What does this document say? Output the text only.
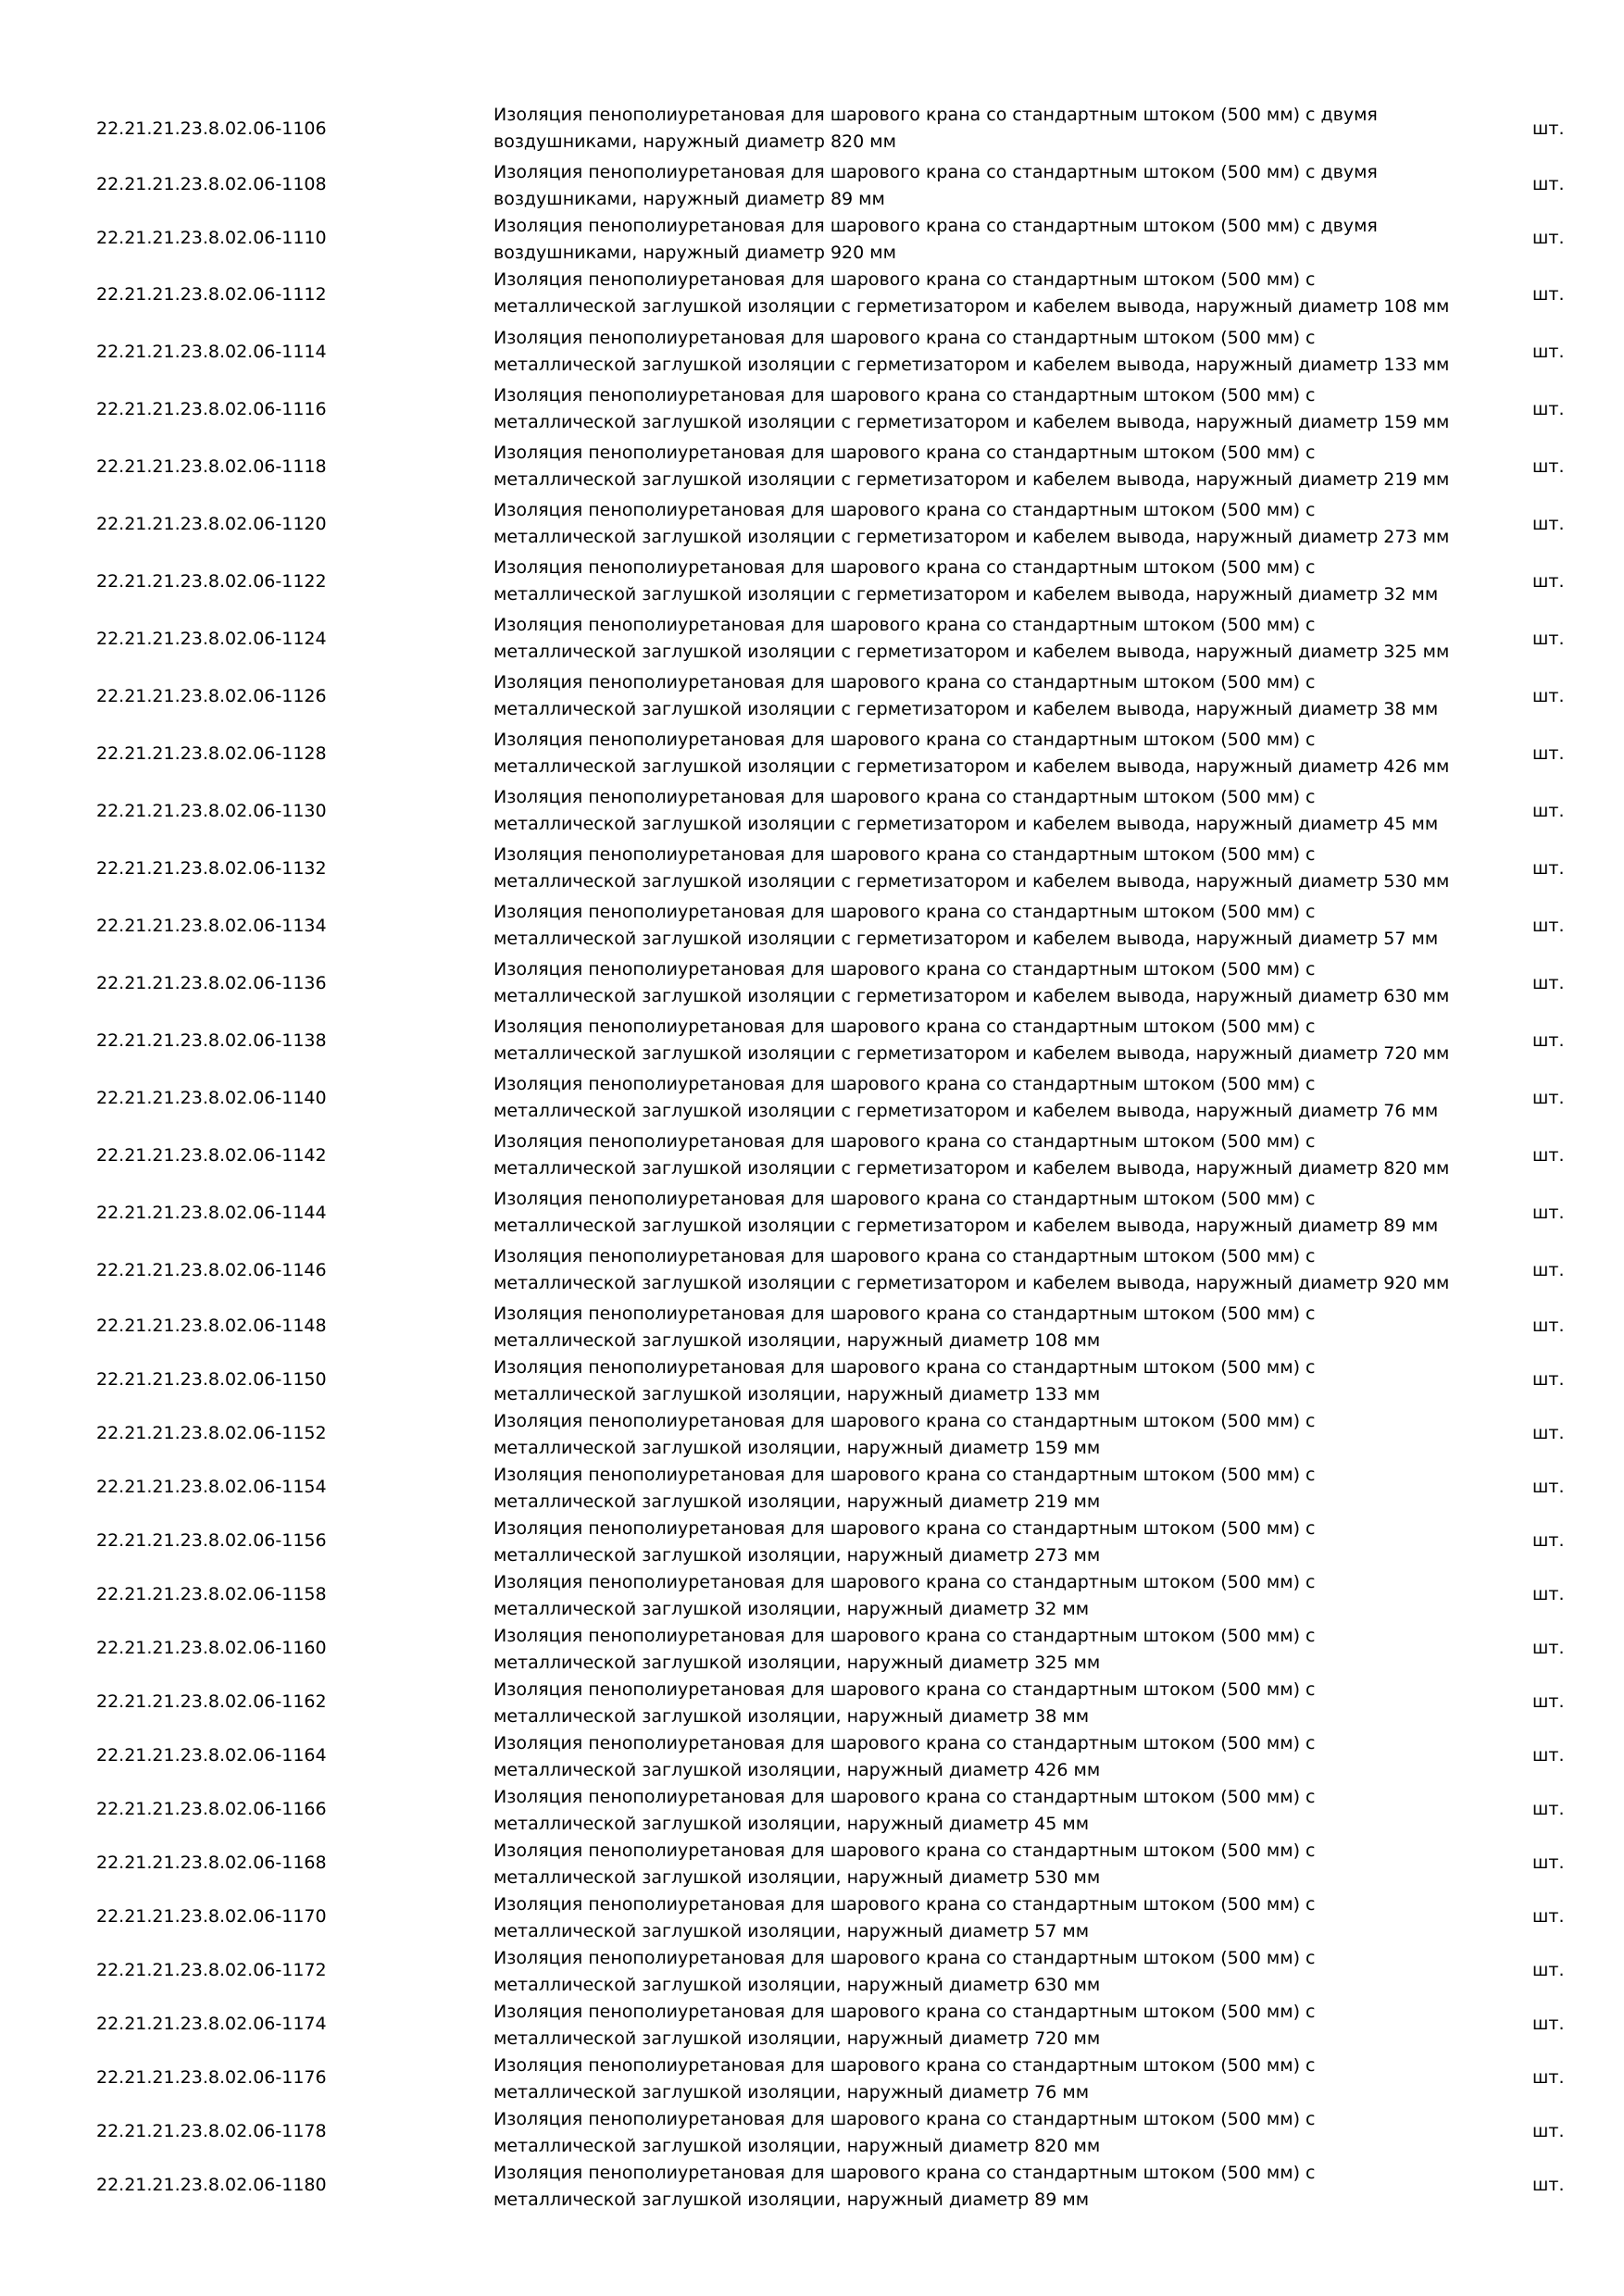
22.21.21.23.8.02.06-1106
Изоляция пенополиуретановая для шарового крана со стандартным штоком (500 мм) с двумя
воздушниками, наружный диаметр 820 мм
шт.
22.21.21.23.8.02.06-1108
Изоляция пенополиуретановая для шарового крана со стандартным штоком (500 мм) с двумя
воздушниками, наружный диаметр 89 мм
шт.
22.21.21.23.8.02.06-1110
Изоляция пенополиуретановая для шарового крана со стандартным штоком (500 мм) с двумя
воздушниками, наружный диаметр 920 мм
шт.
22.21.21.23.8.02.06-1112
Изоляция пенополиуретановая для шарового крана со стандартным штоком (500 мм) с
металлической заглушкой изоляции с герметизатором и кабелем вывода, наружный диаметр 108 мм
шт.
22.21.21.23.8.02.06-1114
Изоляция пенополиуретановая для шарового крана со стандартным штоком (500 мм) с
металлической заглушкой изоляции с герметизатором и кабелем вывода, наружный диаметр 133 мм
шт.
22.21.21.23.8.02.06-1116
Изоляция пенополиуретановая для шарового крана со стандартным штоком (500 мм) с
металлической заглушкой изоляции с герметизатором и кабелем вывода, наружный диаметр 159 мм
шт.
22.21.21.23.8.02.06-1118
Изоляция пенополиуретановая для шарового крана со стандартным штоком (500 мм) с
металлической заглушкой изоляции с герметизатором и кабелем вывода, наружный диаметр 219 мм
шт.
22.21.21.23.8.02.06-1120
Изоляция пенополиуретановая для шарового крана со стандартным штоком (500 мм) с
металлической заглушкой изоляции с герметизатором и кабелем вывода, наружный диаметр 273 мм
шт.
22.21.21.23.8.02.06-1122
Изоляция пенополиуретановая для шарового крана со стандартным штоком (500 мм) с
металлической заглушкой изоляции с герметизатором и кабелем вывода, наружный диаметр 32 мм
шт.
22.21.21.23.8.02.06-1124
Изоляция пенополиуретановая для шарового крана со стандартным штоком (500 мм) с
металлической заглушкой изоляции с герметизатором и кабелем вывода, наружный диаметр 325 мм
шт.
22.21.21.23.8.02.06-1126
Изоляция пенополиуретановая для шарового крана со стандартным штоком (500 мм) с
металлической заглушкой изоляции с герметизатором и кабелем вывода, наружный диаметр 38 мм
шт.
22.21.21.23.8.02.06-1128
Изоляция пенополиуретановая для шарового крана со стандартным штоком (500 мм) с
металлической заглушкой изоляции с герметизатором и кабелем вывода, наружный диаметр 426 мм
шт.
22.21.21.23.8.02.06-1130
Изоляция пенополиуретановая для шарового крана со стандартным штоком (500 мм) с
металлической заглушкой изоляции с герметизатором и кабелем вывода, наружный диаметр 45 мм
шт.
22.21.21.23.8.02.06-1132
Изоляция пенополиуретановая для шарового крана со стандартным штоком (500 мм) с
металлической заглушкой изоляции с герметизатором и кабелем вывода, наружный диаметр 530 мм
шт.
22.21.21.23.8.02.06-1134
Изоляция пенополиуретановая для шарового крана со стандартным штоком (500 мм) с
металлической заглушкой изоляции с герметизатором и кабелем вывода, наружный диаметр 57 мм
шт.
22.21.21.23.8.02.06-1136
Изоляция пенополиуретановая для шарового крана со стандартным штоком (500 мм) с
металлической заглушкой изоляции с герметизатором и кабелем вывода, наружный диаметр 630 мм
шт.
22.21.21.23.8.02.06-1138
Изоляция пенополиуретановая для шарового крана со стандартным штоком (500 мм) с
металлической заглушкой изоляции с герметизатором и кабелем вывода, наружный диаметр 720 мм
шт.
22.21.21.23.8.02.06-1140
Изоляция пенополиуретановая для шарового крана со стандартным штоком (500 мм) с
металлической заглушкой изоляции с герметизатором и кабелем вывода, наружный диаметр 76 мм
шт.
22.21.21.23.8.02.06-1142
Изоляция пенополиуретановая для шарового крана со стандартным штоком (500 мм) с
металлической заглушкой изоляции с герметизатором и кабелем вывода, наружный диаметр 820 мм
шт.
22.21.21.23.8.02.06-1144
Изоляция пенополиуретановая для шарового крана со стандартным штоком (500 мм) с
металлической заглушкой изоляции с герметизатором и кабелем вывода, наружный диаметр 89 мм
шт.
22.21.21.23.8.02.06-1146
Изоляция пенополиуретановая для шарового крана со стандартным штоком (500 мм) с
металлической заглушкой изоляции с герметизатором и кабелем вывода, наружный диаметр 920 мм
шт.
22.21.21.23.8.02.06-1148
Изоляция пенополиуретановая для шарового крана со стандартным штоком (500 мм) с
металлической заглушкой изоляции, наружный диаметр 108 мм
шт.
22.21.21.23.8.02.06-1150
Изоляция пенополиуретановая для шарового крана со стандартным штоком (500 мм) с
металлической заглушкой изоляции, наружный диаметр 133 мм
шт.
22.21.21.23.8.02.06-1152
Изоляция пенополиуретановая для шарового крана со стандартным штоком (500 мм) с
металлической заглушкой изоляции, наружный диаметр 159 мм
шт.
22.21.21.23.8.02.06-1154
Изоляция пенополиуретановая для шарового крана со стандартным штоком (500 мм) с
металлической заглушкой изоляции, наружный диаметр 219 мм
шт.
22.21.21.23.8.02.06-1156
Изоляция пенополиуретановая для шарового крана со стандартным штоком (500 мм) с
металлической заглушкой изоляции, наружный диаметр 273 мм
шт.
22.21.21.23.8.02.06-1158
Изоляция пенополиуретановая для шарового крана со стандартным штоком (500 мм) с
металлической заглушкой изоляции, наружный диаметр 32 мм
шт.
22.21.21.23.8.02.06-1160
Изоляция пенополиуретановая для шарового крана со стандартным штоком (500 мм) с
металлической заглушкой изоляции, наружный диаметр 325 мм
шт.
22.21.21.23.8.02.06-1162
Изоляция пенополиуретановая для шарового крана со стандартным штоком (500 мм) с
металлической заглушкой изоляции, наружный диаметр 38 мм
шт.
22.21.21.23.8.02.06-1164
Изоляция пенополиуретановая для шарового крана со стандартным штоком (500 мм) с
металлической заглушкой изоляции, наружный диаметр 426 мм
шт.
22.21.21.23.8.02.06-1166
Изоляция пенополиуретановая для шарового крана со стандартным штоком (500 мм) с
металлической заглушкой изоляции, наружный диаметр 45 мм
шт.
22.21.21.23.8.02.06-1168
Изоляция пенополиуретановая для шарового крана со стандартным штоком (500 мм) с
металлической заглушкой изоляции, наружный диаметр 530 мм
шт.
22.21.21.23.8.02.06-1170
Изоляция пенополиуретановая для шарового крана со стандартным штоком (500 мм) с
металлической заглушкой изоляции, наружный диаметр 57 мм
шт.
22.21.21.23.8.02.06-1172
Изоляция пенополиуретановая для шарового крана со стандартным штоком (500 мм) с
металлической заглушкой изоляции, наружный диаметр 630 мм
шт.
22.21.21.23.8.02.06-1174
Изоляция пенополиуретановая для шарового крана со стандартным штоком (500 мм) с
металлической заглушкой изоляции, наружный диаметр 720 мм
шт.
22.21.21.23.8.02.06-1176
Изоляция пенополиуретановая для шарового крана со стандартным штоком (500 мм) с
металлической заглушкой изоляции, наружный диаметр 76 мм
шт.
22.21.21.23.8.02.06-1178
Изоляция пенополиуретановая для шарового крана со стандартным штоком (500 мм) с
металлической заглушкой изоляции, наружный диаметр 820 мм
шт.
22.21.21.23.8.02.06-1180
Изоляция пенополиуретановая для шарового крана со стандартным штоком (500 мм) с
металлической заглушкой изоляции, наружный диаметр 89 мм
шт.
